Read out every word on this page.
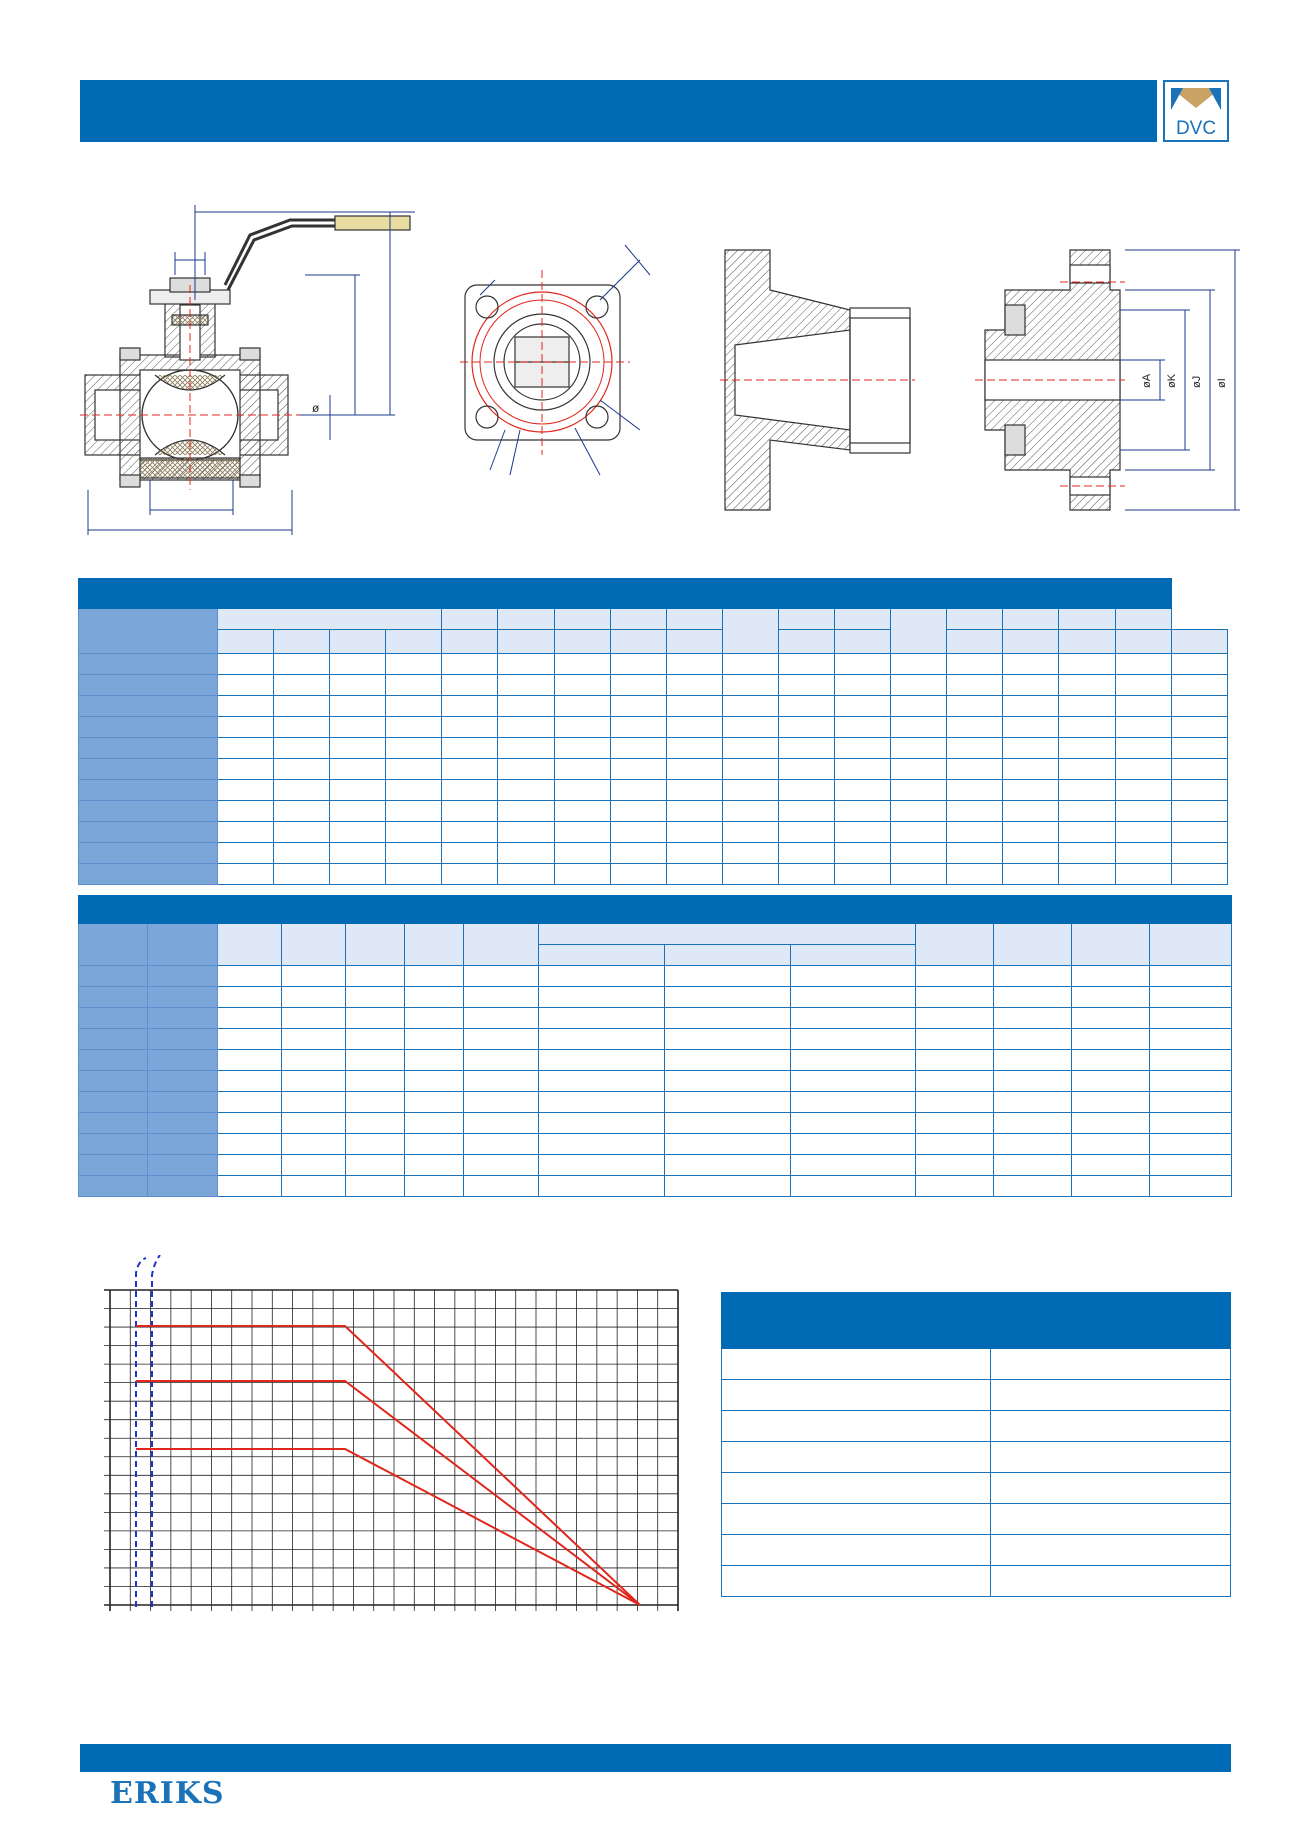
DVC
ø
øA øK øJ øI

ERIKS
